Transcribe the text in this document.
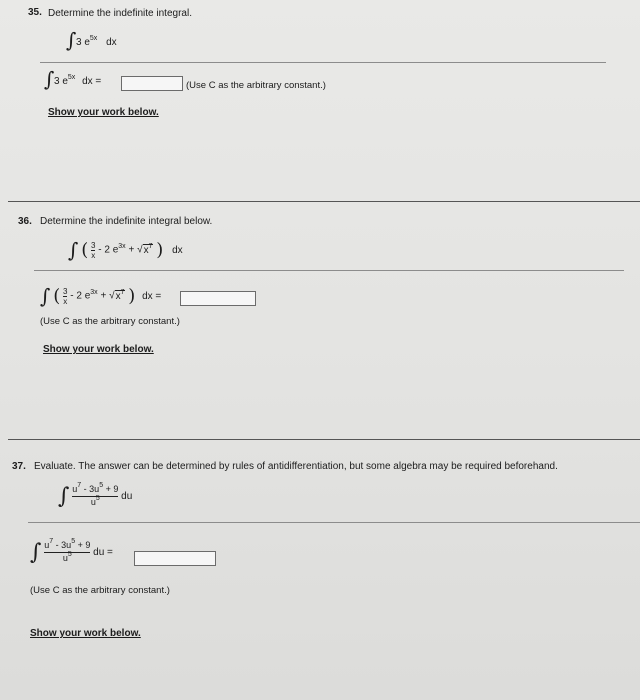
35. Determine the indefinite integral.
∫ 3 $e^{5x}$ dx
∫ 3 $e^{5x}$ dx =	(Use C as the arbitrary constant.)
Show your work below.
36. Determine the indefinite integral below.
∫ ( $\frac{3}{x} - 2$ $e^{3x} + √x^7$ ) dx
∫ ( $\frac{3}{x} - 2$ $e^{3x} + √x^7$ ) dx =
(Use C as the arbitrary constant.)
Show your work below.
37. Evaluate. The answer can be determined by rules of antidifferentiation, but some algebra may be required beforehand.
∫ $\frac{u^7 - 3u^5 + 9}{u^5}$ du
∫ $\frac{u^7 - 3u^5 + 9}{u^5}$ du =
(Use C as the arbitrary constant.)
Show your work below.
